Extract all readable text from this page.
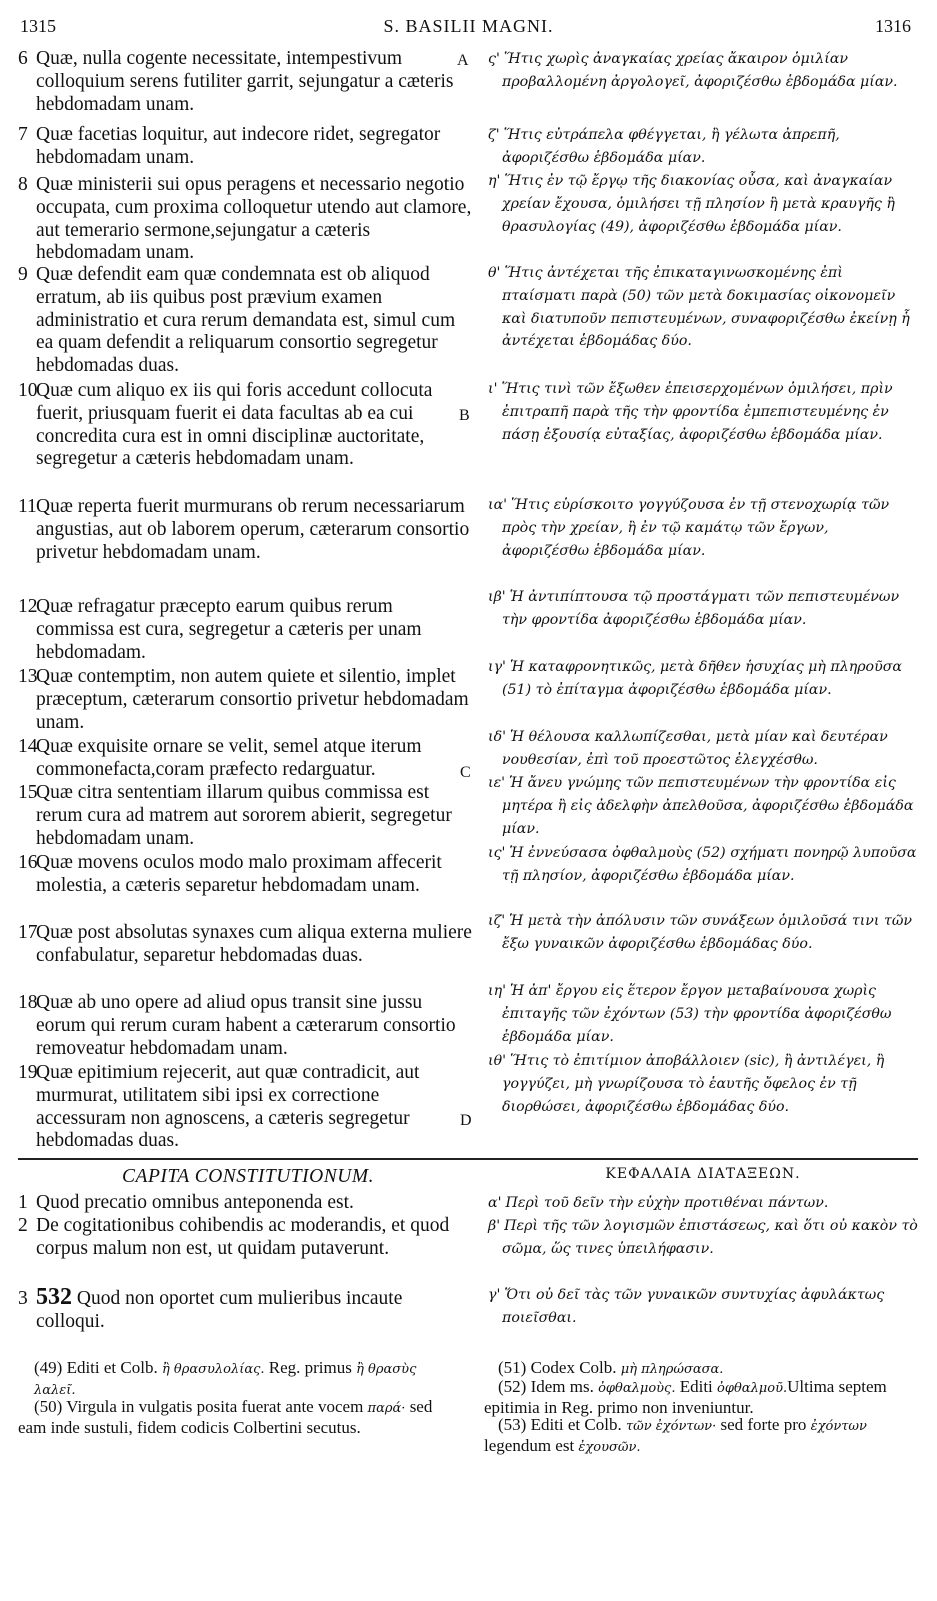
1315	S. BASILII MAGNI.	1316
6 Quæ, nulla cogente necessitate, intempestivum colloquium serens futiliter garrit, sejungatur a cæteris hebdomadam unam.
7 Quæ facetias loquitur, aut indecore ridet, segregator hebdomadam unam.
8 Quæ ministerii sui opus peragens et necessario negotio occupata, cum proxima colloquetur utendo aut clamore, aut temerario sermone,sejungatur a cæteris hebdomadam unam.
9 Quæ defendit eam quæ condemnata est ob aliquod erratum, ab iis quibus post prævium examen administratio et cura rerum demandata est, simul cum ea quam defendit a reliquarum consortio segregetur hebdomadas duas.
10Quæ cum aliquo ex iis qui foris accedunt collocuta fuerit, priusquam fuerit ei data facultas ab ea cui concredita cura est in omni disciplinæ auctoritate, segregetur a cæteris hebdomadam unam.
11Quæ reperta fuerit murmurans ob rerum necessariarum angustias, aut ob laborem operum, cæterarum consortio privetur hebdomadam unam.
12Quæ refragatur præcepto earum quibus rerum commissa est cura, segregetur a cæteris per unam hebdomadam.
13Quæ contemptim, non autem quiete et silentio, implet præceptum, cæterarum consortio privetur hebdomadam unam.
14Quæ exquisite ornare se velit, semel atque iterum commonefacta,coram præfecto redarguatur.
15Quæ citra sententiam illarum quibus commissa est rerum cura ad matrem aut sororem abierit, segregetur hebdomadam unam.
16Quæ movens oculos modo malo proximam affecerit molestia, a cæteris separetur hebdomadam unam.
17Quæ post absolutas synaxes cum aliqua externa muliere confabulatur, separetur hebdomadas duas.
18Quæ ab uno opere ad aliud opus transit sine jussu eorum qui rerum curam habent a cæterarum consortio removeatur hebdomadam unam.
19Quæ epitimium rejecerit, aut quæ contradicit, aut murmurat, utilitatem sibi ipsi ex correctione accessuram non agnoscens, a cæteris segregetur hebdomadas duas.
A
B
C
D
ς' Ἥτις χωρὶς ἀναγκαίας χρείας ἄκαιρον ὁμιλίαν προβαλλομένη ἀργολογεῖ, ἀφοριζέσθω ἑβδομάδα μίαν.
ζ' Ἥτις εὐτράπελα φθέγγεται, ἢ γέλωτα ἀπρεπῆ, ἀφοριζέσθω ἑβδομάδα μίαν.
η' Ἥτις ἐν τῷ ἔργῳ τῆς διακονίας οὖσα, καὶ ἀναγκαίαν χρείαν ἔχουσα, ὁμιλήσει τῇ πλησίον ἢ μετὰ κραυγῆς ἢ θρασυλογίας (49), ἀφοριζέσθω ἑβδομάδα μίαν.
θ' Ἥτις ἀντέχεται τῆς ἐπικαταγινωσκομένης ἐπὶ πταίσματι παρὰ (50) τῶν μετὰ δοκιμασίας οἰκονομεῖν καὶ διατυποῦν πεπιστευμένων, συναφοριζέσθω ἐκείνῃ ἧ ἀντέχεται ἑβδομάδας δύο.
ι' Ἥτις τινὶ τῶν ἔξωθεν ἐπεισερχομένων ὁμιλήσει, πρὶν ἐπιτραπῆ παρὰ τῆς τὴν φροντίδα ἐμπεπιστευμένης ἐν πάσῃ ἐξουσίᾳ εὐταξίας, ἀφοριζέσθω ἑβδομάδα μίαν.
ια' Ἥτις εὑρίσκοιτο γογγύζουσα ἐν τῇ στενοχωρίᾳ τῶν πρὸς τὴν χρείαν, ἢ ἐν τῷ καμάτῳ τῶν ἔργων, ἀφοριζέσθω ἑβδομάδα μίαν.
ιβ' Ἡ ἀντιπίπτουσα τῷ προστάγματι τῶν πεπιστευμένων τὴν φροντίδα ἀφοριζέσθω ἑβδομάδα μίαν.
ιγ' Ἡ καταφρονητικῶς, μετὰ δῆθεν ἡσυχίας μὴ πληροῦσα (51) τὸ ἐπίταγμα ἀφοριζέσθω ἑβδομάδα μίαν.
ιδ' Ἡ θέλουσα καλλωπίζεσθαι, μετὰ μίαν καὶ δευτέραν νουθεσίαν, ἐπὶ τοῦ προεστῶτος ἐλεγχέσθω.
ιε' Ἡ ἄνευ γνώμης τῶν πεπιστευμένων τὴν φροντίδα εἰς μητέρα ἢ εἰς ἀδελφὴν ἀπελθοῦσα, ἀφοριζέσθω ἑβδομάδα μίαν.
ις' Ἡ ἐννεύσασα ὀφθαλμοὺς (52) σχήματι πονηρῷ λυποῦσα τῇ πλησίον, ἀφοριζέσθω ἑβδομάδα μίαν.
ιζ' Ἡ μετὰ τὴν ἀπόλυσιν τῶν συνάξεων ὁμιλοῦσά τινι τῶν ἔξω γυναικῶν ἀφοριζέσθω ἑβδομάδας δύο.
ιη' Ἡ ἀπ' ἔργου εἰς ἕτερον ἔργον μεταβαίνουσα χωρὶς ἐπιταγῆς τῶν ἐχόντων (53) τὴν φροντίδα ἀφοριζέσθω ἑβδομάδα μίαν.
ιθ' Ἥτις τὸ ἐπιτίμιον ἀποβάλλοιεν (sic), ἢ ἀντιλέγει, ἢ γογγύζει, μὴ γνωρίζουσα τὸ ἑαυτῆς ὄφελος ἐν τῇ διορθώσει, ἀφοριζέσθω ἑβδομάδας δύο.
CAPITA CONSTITUTIONUM.	ΚΕΦΑΛΑΙΑ ΔΙΑΤΑΞΕΩΝ.
1 Quod precatio omnibus anteponenda est.
2 De cogitationibus cohibendis ac moderandis, et quod corpus malum non est, ut quidam putaverunt.
3 532 Quod non oportet cum mulieribus incaute colloqui.
α' Περὶ τοῦ δεῖν τὴν εὐχὴν προτιθέναι πάντων.
β' Περὶ τῆς τῶν λογισμῶν ἐπιστάσεως, καὶ ὅτι οὐ κακὸν τὸ σῶμα, ὥς τινες ὑπειλήφασιν.
γ' Ὅτι οὐ δεῖ τὰς τῶν γυναικῶν συντυχίας ἀφυλάκτως ποιεῖσθαι.
(49) Editi et Colb. ἢ θρασυλολίας. Reg. primus ἢ θρασὺς λαλεῖ.
(50) Virgula in vulgatis posita fuerat ante vocem παρά· sed eam inde sustuli, fidem codicis Colbertini secutus.
(51) Codex Colb. μὴ πληρώσασα.
(52) Idem ms. ὀφθαλμοὺς. Editi ὀφθαλμοῦ.Ultima septem epitimia in Reg. primo non inveniuntur.
(53) Editi et Colb. τῶν ἐχόντων· sed forte pro ἐχόντων legendum est ἐχουσῶν.
